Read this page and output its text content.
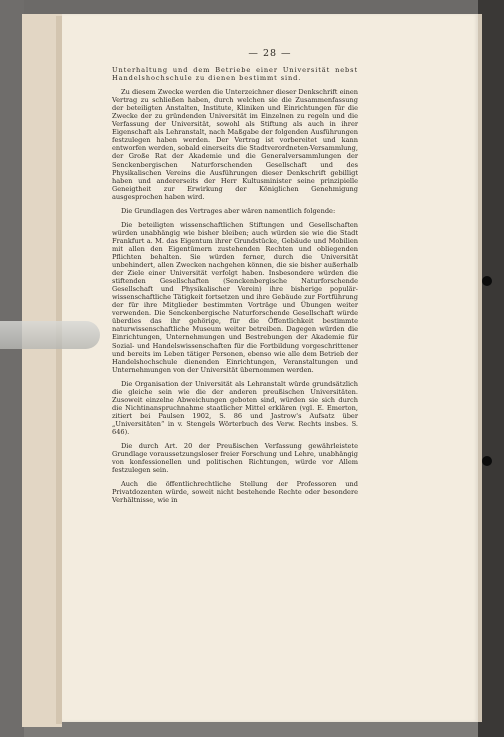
— 28 —

Unterhaltung und dem Betriebe einer Universität nebst Handelshochschule zu dienen bestimmt sind.

Zu diesem Zwecke werden die Unterzeichner dieser Denkschrift einen Vertrag zu schließen haben, durch welchen sie die Zusammenfassung der beteiligten Anstalten, Institute, Kliniken und Einrichtungen für die Zwecke der zu gründenden Universität im Einzelnen zu regeln und die Verfassung der Universität, sowohl als Stiftung als auch in ihrer Eigenschaft als Lehranstalt, nach Maßgabe der folgenden Ausführungen festzulegen haben werden. Der Vertrag ist vorbereitet und kann entworfen werden, sobald einerseits die Stadtverordneten-Versammlung, der Große Rat der Akademie und die Generalversammlungen der Senckenbergischen Naturforschenden Gesellschaft und des Physikalischen Vereins die Ausführungen dieser Denkschrift gebilligt haben und andererseits der Herr Kultusminister seine prinzipielle Geneigtheit zur Erwirkung der Königlichen Genehmigung ausgesprochen haben wird.

Die Grundlagen des Vertrages aber wären namentlich folgende:

Die beteiligten wissenschaftlichen Stiftungen und Gesellschaften würden unabhängig wie bisher bleiben; auch würden sie wie die Stadt Frankfurt a. M. das Eigentum ihrer Grundstücke, Gebäude und Mobilien mit allen den Eigentümern zustehenden Rechten und obliegenden Pflichten behalten. Sie würden ferner, durch die Universität unbehindert, allen Zwecken nachgehen können, die sie bisher außerhalb der Ziele einer Universität verfolgt haben. Insbesondere würden die stiftenden Gesellschaften (Senckenbergische Naturforschende Gesellschaft und Physikalischer Verein) ihre bisherige populär-wissenschaftliche Tätigkeit fortsetzen und ihre Gebäude zur Fortführung der für ihre Mitglieder bestimmten Vorträge und Übungen weiter verwenden. Die Senckenbergische Naturforschende Gesellschaft würde überdies das ihr gehörige, für die Öffentlichkeit bestimmte naturwissenschaftliche Museum weiter betreiben. Dagegen würden die Einrichtungen, Unternehmungen und Bestrebungen der Akademie für Sozial- und Handelswissenschaften für die Fortbildung vorgeschrittener und bereits im Leben tätiger Personen, ebenso wie alle dem Betrieb der Handelshochschule dienenden Einrichtungen, Veranstaltungen und Unternehmungen von der Universität übernommen werden.

Die Organisation der Universität als Lehranstalt würde grundsätzlich die gleiche sein wie die der anderen preußischen Universitäten. Zusoweit einzelne Abweichungen geboten sind, würden sie sich durch die Nichtinanspruchnahme staatlicher Mittel erklären (vgl. E. Emerton, zitiert bei Paulsen 1902, S. 86 und Jastrow's Aufsatz über „Universitäten“ in v. Stengels Wörterbuch des Verw. Rechts insbes. S. 646).

Die durch Art. 20 der Preußischen Verfassung gewährleistete Grundlage voraussetzungsloser freier Forschung und Lehre, unabhängig von konfessionellen und politischen Richtungen, würde vor Allem festzulegen sein.

Auch die öffentlichrechtliche Stellung der Professoren und Privatdozenten würde, soweit nicht bestehende Rechte oder besondere Verhältnisse, wie in
